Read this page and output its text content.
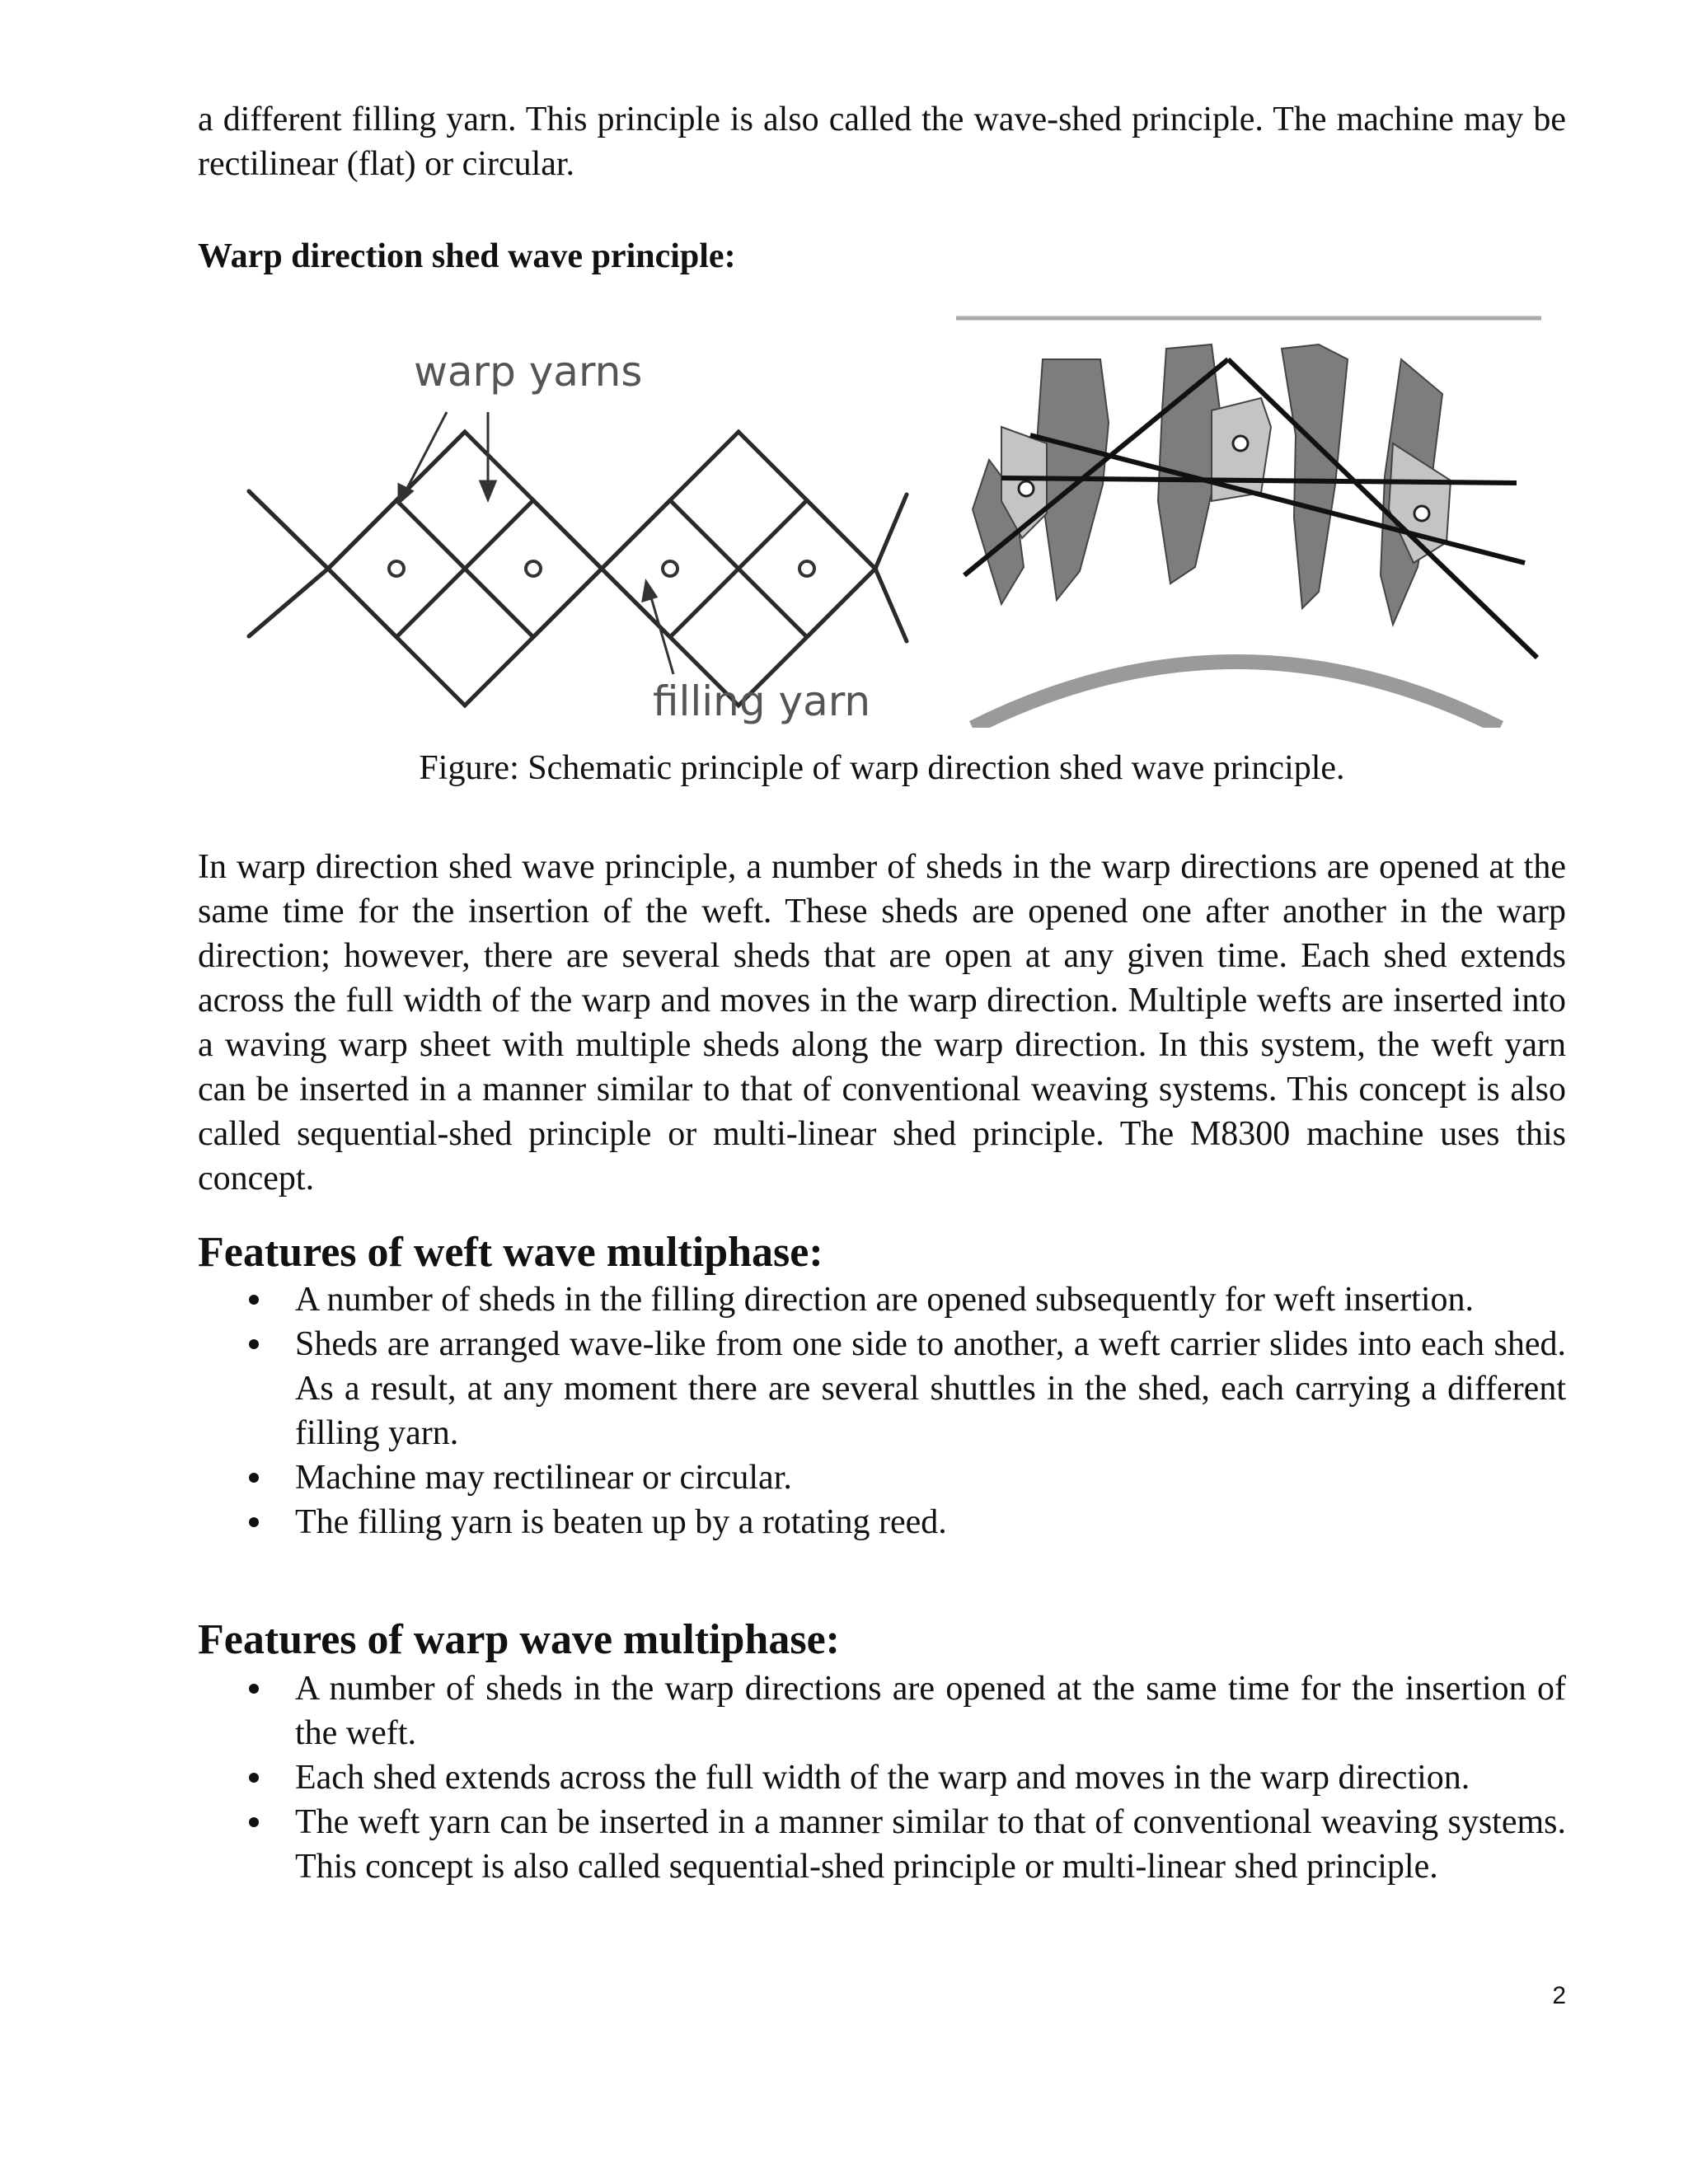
a different filling yarn. This principle is also called the wave-shed principle. The machine may be rectilinear (flat) or circular.

Warp direction shed wave principle:

warp yarns
filling yarn

Figure: Schematic principle of warp direction shed wave principle.

In warp direction shed wave principle, a number of sheds in the warp directions are opened at the same time for the insertion of the weft. These sheds are opened one after another in the warp direction; however, there are several sheds that are open at any given time. Each shed extends across the full width of the warp and moves in the warp direction. Multiple wefts are inserted into a waving warp sheet with multiple sheds along the warp direction. In this system, the weft yarn can be inserted in a manner similar to that of conventional weaving systems. This concept is also called sequential-shed principle or multi-linear shed principle. The M8300 machine uses this concept.

Features of weft wave multiphase:

A number of sheds in the filling direction are opened subsequently for weft insertion.
Sheds are arranged wave-like from one side to another, a weft carrier slides into each shed. As a result, at any moment there are several shuttles in the shed, each carrying a different filling yarn.
Machine may rectilinear or circular.
The filling yarn is beaten up by a rotating reed.

Features of warp wave multiphase:

A number of sheds in the warp directions are opened at the same time for the insertion of the weft.
Each shed extends across the full width of the warp and moves in the warp direction.
The weft yarn can be inserted in a manner similar to that of conventional weaving systems. This concept is also called sequential-shed principle or multi-linear shed principle.
2
